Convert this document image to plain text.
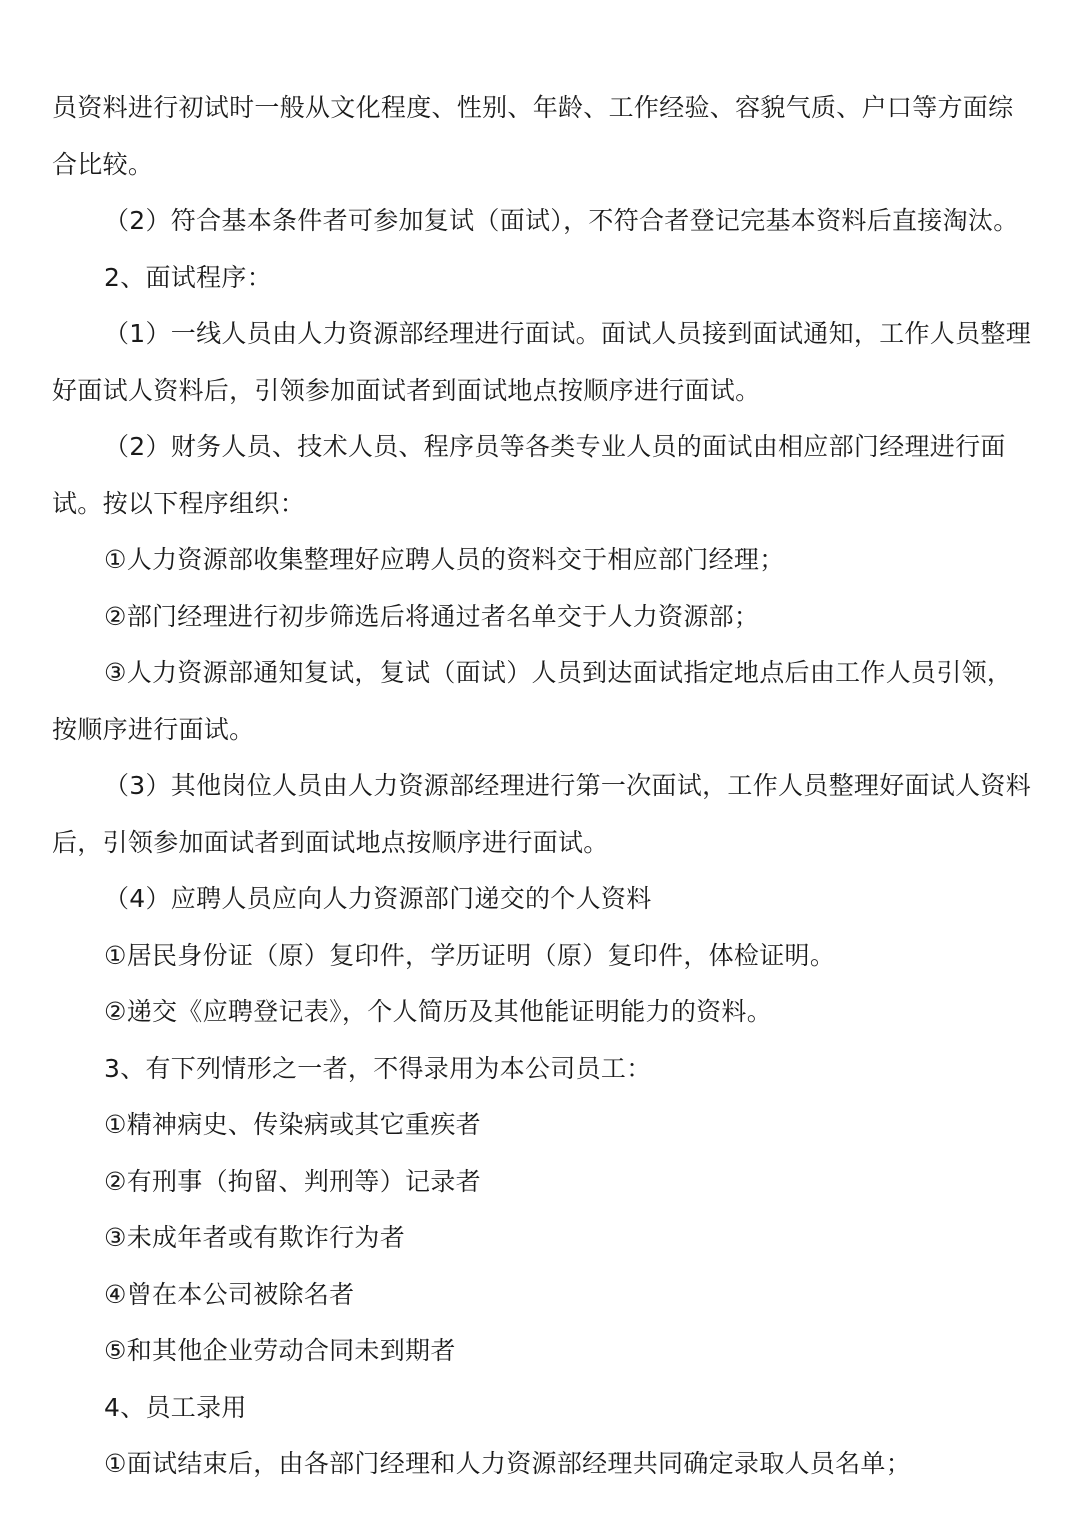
员资料进行初试时一般从文化程度、性别、年龄、工作经验、容貌气质、户口等方面综合比较。

（2）符合基本条件者可参加复试（面试），不符合者登记完基本资料后直接淘汰。

2、面试程序：

（1）一线人员由人力资源部经理进行面试。面试人员接到面试通知，工作人员整理好面试人资料后，引领参加面试者到面试地点按顺序进行面试。

（2）财务人员、技术人员、程序员等各类专业人员的面试由相应部门经理进行面试。按以下程序组织：

①人力资源部收集整理好应聘人员的资料交于相应部门经理；

②部门经理进行初步筛选后将通过者名单交于人力资源部；

③人力资源部通知复试，复试（面试）人员到达面试指定地点后由工作人员引领，按顺序进行面试。

（3）其他岗位人员由人力资源部经理进行第一次面试，工作人员整理好面试人资料后，引领参加面试者到面试地点按顺序进行面试。

（4）应聘人员应向人力资源部门递交的个人资料

①居民身份证（原）复印件，学历证明（原）复印件，体检证明。

②递交《应聘登记表》，个人简历及其他能证明能力的资料。

3、有下列情形之一者，不得录用为本公司员工：

①精神病史、传染病或其它重疾者

②有刑事（拘留、判刑等）记录者

③未成年者或有欺诈行为者

④曾在本公司被除名者

⑤和其他企业劳动合同未到期者

4、员工录用

①面试结束后，由各部门经理和人力资源部经理共同确定录取人员名单；
